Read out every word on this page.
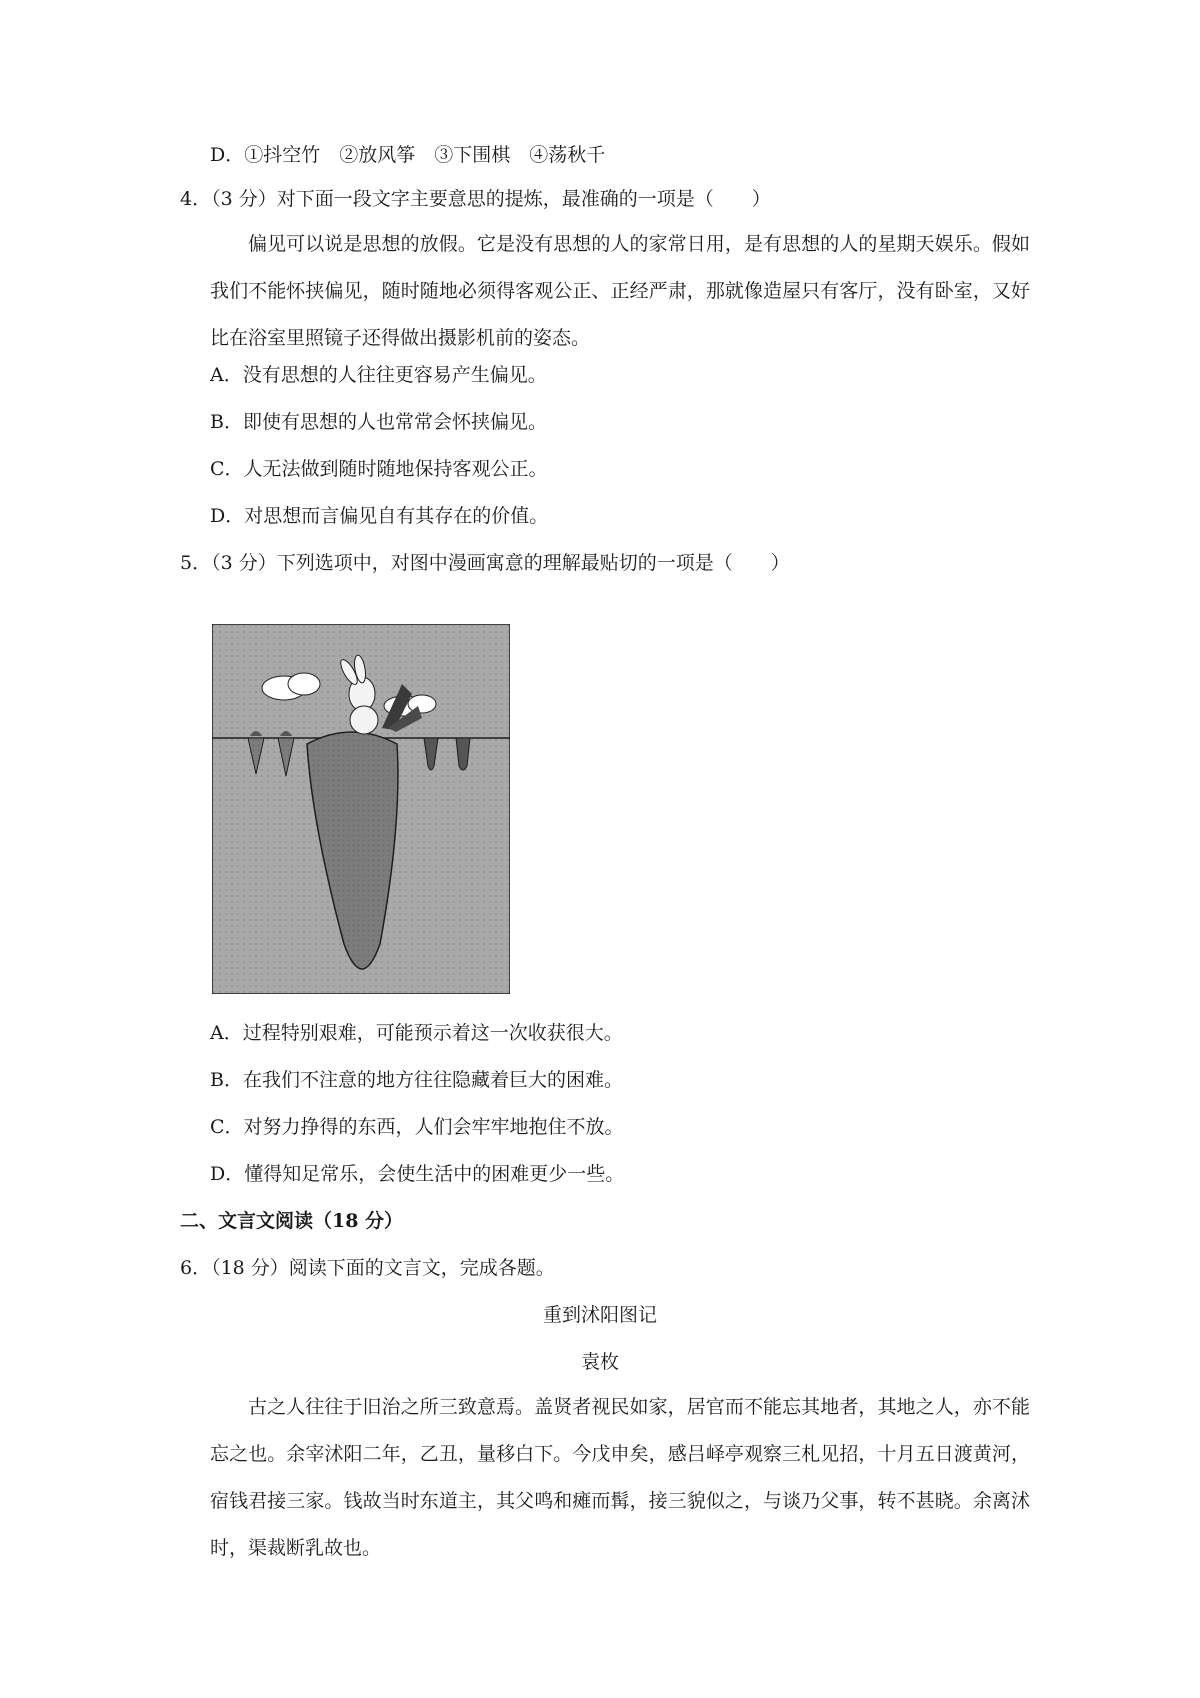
D．①抖空竹　②放风筝　③下围棋　④荡秋千
4．（3 分）对下面一段文字主要意思的提炼，最准确的一项是（　　）
偏见可以说是思想的放假。它是没有思想的人的家常日用，是有思想的人的星期天娱乐。假如我们不能怀挟偏见，随时随地必须得客观公正、正经严肃，那就像造屋只有客厅，没有卧室，又好比在浴室里照镜子还得做出摄影机前的姿态。
A．没有思想的人往往更容易产生偏见。
B．即使有思想的人也常常会怀挟偏见。
C．人无法做到随时随地保持客观公正。
D．对思想而言偏见自有其存在的价值。
5．（3 分）下列选项中，对图中漫画寓意的理解最贴切的一项是（　　）
A．过程特别艰难，可能预示着这一次收获很大。
B．在我们不注意的地方往往隐藏着巨大的困难。
C．对努力挣得的东西，人们会牢牢地抱住不放。
D．懂得知足常乐，会使生活中的困难更少一些。
二、文言文阅读（18 分）
6．（18 分）阅读下面的文言文，完成各题。
重到沭阳图记
袁枚
古之人往往于旧治之所三致意焉。盖贤者视民如家，居官而不能忘其地者，其地之人，亦不能忘之也。余宰沭阳二年，乙丑，量移白下。今戊申矣，感吕峄亭观察三札见招，十月五日渡黄河，宿钱君接三家。钱故当时东道主，其父鸣和瘫而髯，接三貌似之，与谈乃父事，转不甚晓。余离沭时，渠裁断乳故也。
